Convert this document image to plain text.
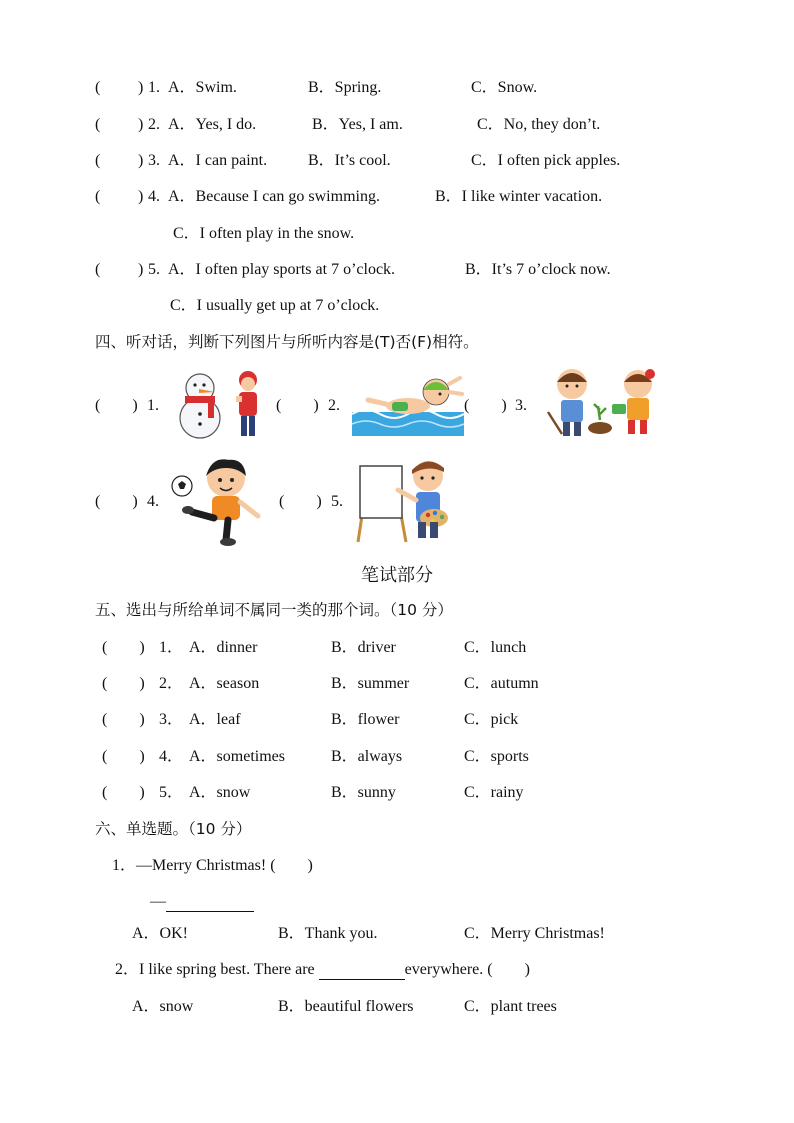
( ) 1. A．Swim.	B．Spring.	C．Snow.
( ) 2. A．Yes, I do.	B．Yes, I am.	C．No, they don’t.
( ) 3. A．I can paint.	B．It’s cool.	C．I often pick apples.
( ) 4. A．Because I can go swimming.	B．I like winter vacation.
C．I often play in the snow.
( ) 5. A．I often play sports at 7 o’clock.	B．It’s 7 o’clock now.
C．I usually get up at 7 o’clock.
四、听对话，判断下列图片与所听内容是(T)否(F)相符。
(　　) 1.	(　　) 2.	(　　) 3.
(　　) 4.	(　　) 5.
笔试部分
五、选出与所给单词不属同一类的那个词。（10 分）
(　　) 1． A．dinner	B．driver	C．lunch
(　　) 2． A．season	B．summer	C．autumn
(　　) 3． A．leaf	B．flower	C．pick
(　　) 4． A．sometimes	B．always	C．sports
(　　) 5． A．snow	B．sunny	C．rainy
六、单选题。（10 分）
1．—Merry Christmas! (　　)
—
A．OK!	B．Thank you.	C．Merry Christmas!
2．I like spring best. There are	everywhere. (　　)
A．snow	B．beautiful flowers	C．plant trees
